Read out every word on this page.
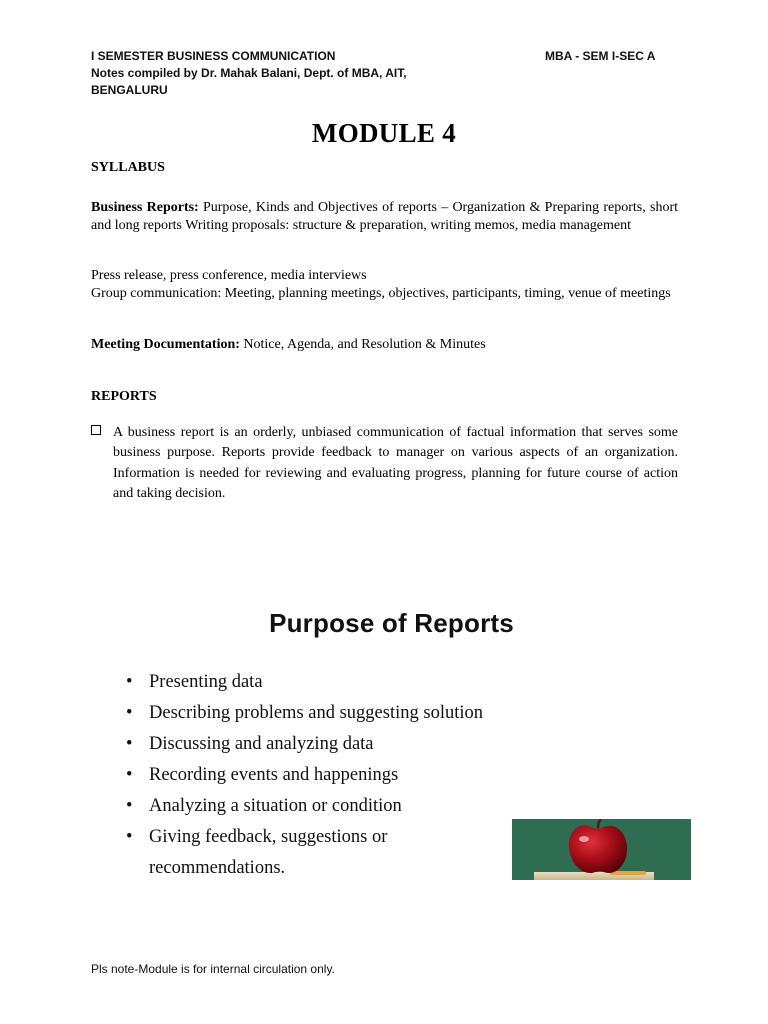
I SEMESTER BUSINESS COMMUNICATION
Notes compiled by Dr. Mahak Balani, Dept. of MBA, AIT,
BENGALURU
MBA - SEM I-SEC A
MODULE 4
SYLLABUS
Business Reports: Purpose, Kinds and Objectives of reports – Organization & Preparing reports, short and long reports Writing proposals: structure & preparation, writing memos, media management
Press release, press conference, media interviews
Group communication: Meeting, planning meetings, objectives, participants, timing, venue of meetings
Meeting Documentation: Notice, Agenda, and Resolution & Minutes
REPORTS
A business report is an orderly, unbiased communication of factual information that serves some business purpose. Reports provide feedback to manager on various aspects of an organization. Information is needed for reviewing and evaluating progress, planning for future course of action and taking decision.
Purpose of Reports
• Presenting data
• Describing problems and suggesting solution
• Discussing and analyzing data
• Recording events and happenings
• Analyzing a situation or condition
• Giving feedback, suggestions or
recommendations.
Pls note-Module is for internal circulation only.
